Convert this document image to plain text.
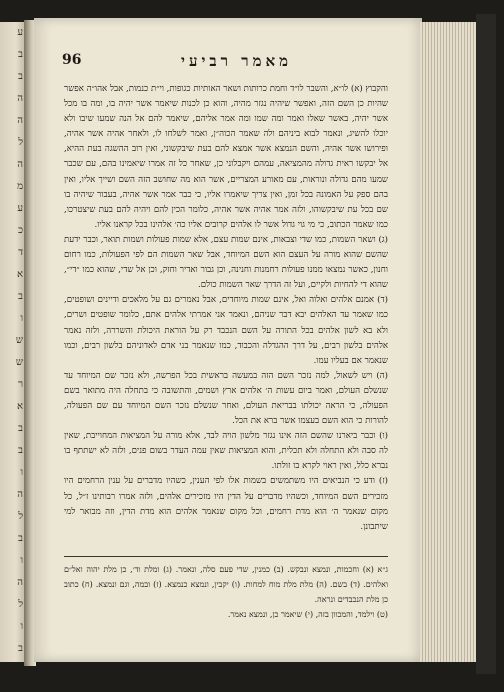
ע
ב
ב
ה
ה
ל
ה
מ
ע
כ
ד
א
ב
ו
ש
ש
ר
א
ב
ב
ו
ה
ל
ב
ו
ה
ל
ו
ב
מאמר רביעי
96

והקבוץ (א) לו״א, והשבר לו״ד וחמת כרותות ושאר האותיות כגופות, וי״ת כנמות, אבל אהו״ה אפשר שהיות כן השם הזה, ואפשר שיהיה נגזר מהיה, והוא כן לכנות שיאמר אשר יהיה בו, ומה בו מכל אשר יהיה, באשר שאלו ואמר ומה שמו ומה אמר אליהם, שיאמר להם אל הנה שמעו שיבו ולא יוכלו להשיג, ונאמר לבוא ביניהם ולה שאמר הכוה״ן, ואמר לשלחו לו, ולאחר אהיה אשר אהיה, ופירושו אשר אהיה, והשם הנמצא אשר אמצא להם בעת שיבקשוני, ואין רוב ההשגה בעת ההיא, אל יבקשו ראית גדולה מהמציאה, עמהם ויקבלוני כן, שאחר כל זה אמרו שיאמינו בהם, עם שכבר שמעו מהם גדולה ונוראות, עם מאורע המצריים, אשר הוא מה שחושב הזה השם ושייך אליו, ואין בהם ספק על האמונה בכל זמן, ואין צריך שיאמרו אליו, כי כבר אמר אשר אהיה, בעבור שיהיה בו שם בכל עת שיבקשוהו, ולזה אמר אהיה אשר אהיה, כלומר הכין להם ויהיה להם בעת שיצטרכו, כמו שאמר הכתוב, כי מי גוי גדול אשר לו אלהים קרובים אליו כה׳ אלהינו בכל קראנו אליו.

(ג) ושאר השמות, כמו שדי וצבאות, אינם שמות עצם, אלא שמות פעולות ושמות תואר, וכבר ידעת שהשם שהוא מורה על העצם הוא השם המיוחד, אבל שאר השמות הם לפי הפעולות, כמו רחום וחנון, כאשר נמצאו ממנו פעולות רחמנות וחנינה, וכן גבור ואדיר וחזק, וכן אל שדי, שהוא כמו ״די״, שהוא די להחיות ולקיים, ועל זה הדרך שאר השמות כולם.

(ד) אמנם אלהים ואלוה ואל, אינם שמות מיוחדים, אבל נאמרים גם על מלאכים ודיינים ושופטים, כמו שאמר עד האלהים יבא דבר שניהם, ונאמר אני אמרתי אלהים אתם, כלומר שופטים ושרים, ולא בא לשון אלהים בכל התורה על השם הנכבד רק על הוראת היכולת והשררה, ולזה נאמר אלהים בלשון רבים, על דרך ההגדלה והכבוד, כמו שנאמר בני אדם לאדוניהם בלשון רבים, וכמו שנאמר אם בעליו עמו.

(ה) ויש לשאול, למה נזכר השם הזה במעשה בראשית בכל הפרשה, ולא נזכר שם המיוחד עד שנשלם העולם, ואמר ביום עשות ה׳ אלהים ארץ ושמים, והתשובה כי בתחלה היה מתואר בשם הפעולה, כי הראה יכולתו בבריאת העולם, ואחר שנשלם נזכר השם המיוחד עם שם הפעולה, להורות כי הוא השם בעצמו אשר ברא את הכל.

(ו) וכבר ביארנו שהשם הזה אינו נגזר מלשון הויה לבד, אלא מורה על המציאות המחוייבת, שאין לה סבה ולא התחלה ולא תכלית, והוא המציאות שאין עמה העדר בשום פנים, ולזה לא ישתתף בו נברא כלל, ואין ראוי לקרא בו זולתו.

(ז) ודע כי הנביאים היו משתמשים בשמות אלו לפי הענין, כשהיו מדברים על ענין הרחמים היו מזכירים השם המיוחד, וכשהיו מדברים על הדין היו מזכירים אלהים, ולזה אמרו רבותינו ז״ל, כל מקום שנאמר ה׳ הוא מדת רחמים, וכל מקום שנאמר אלהים הוא מדת הדין, וזה מבואר למי שיתבונן.

ג״א (א) וחכמות, ונמצא ונבקש. (ב) כמנין, שדי פעם סלה, ונאמר. (ג) ומלת וד׳, כן מלת יהוה ואל״ם ואלהים. (ד) בשם. (ה) מלת מלת מוח למחות. (ו) יקבין, ונמצא כנמצא. (ז) ובמה, וגם ונמצא. (ח) כתוב כן מלת הנכבדים ונראה.

(ט) וילמד, והמכוון בזה, (י) שיאמר כן, ונמצא נאמר.
